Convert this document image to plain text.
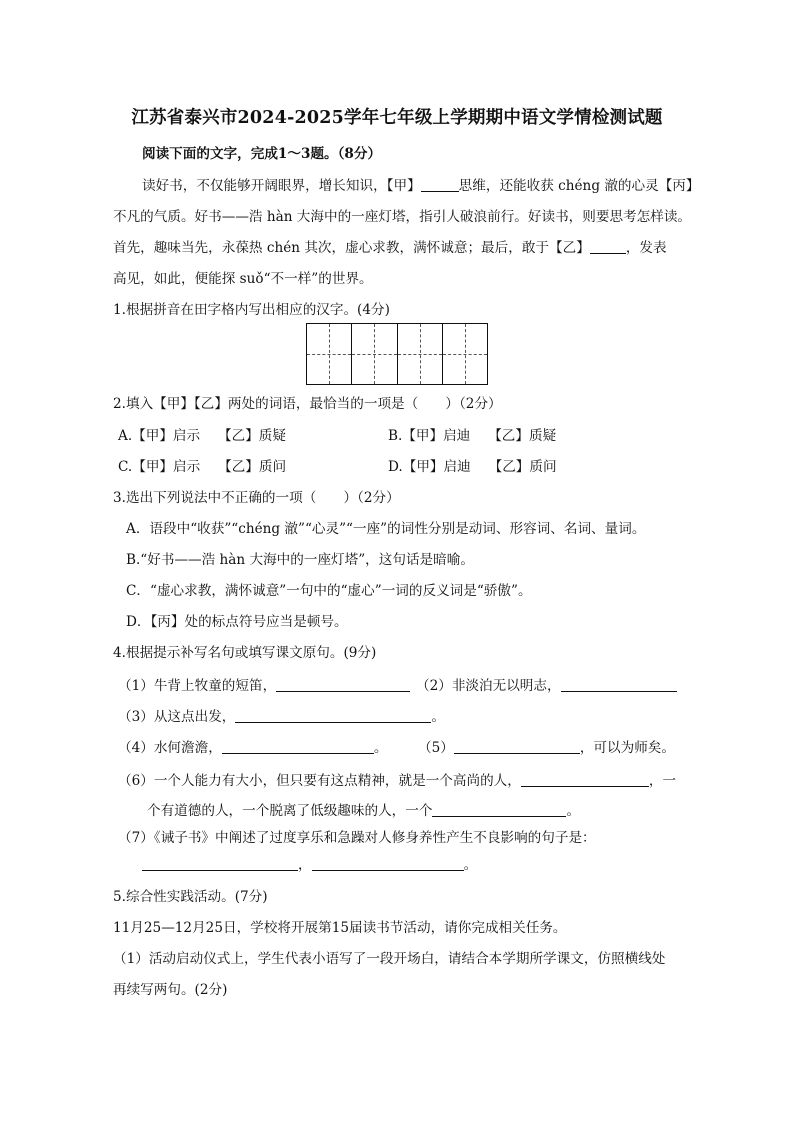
江苏省泰兴市2024-2025学年七年级上学期期中语文学情检测试题
阅读下面的文字，完成1～3题。（8分）
读好书，不仅能够开阔眼界，增长知识，【甲】	思维，还能收获 chéng 澈的心灵【丙】
不凡的气质。好书——浩 hàn 大海中的一座灯塔，指引人破浪前行。好读书，则要思考怎样读。
首先，趣味当先，永葆热 chén 其次，虚心求教，满怀诚意；最后，敢于【乙】	，发表
高见，如此，便能探 suǒ“不一样”的世界。
1.根据拼音在田字格内写出相应的汉字。(4分)
2.填入【甲】【乙】两处的词语，最恰当的一项是（　　）（2分）
A.【甲】启示　 【乙】质疑	B.【甲】启迪　 【乙】质疑
C.【甲】启示　 【乙】质问	D.【甲】启迪　 【乙】质问
3.选出下列说法中不正确的一项（　　）（2分）
A．语段中“收获”“chéng 澈”“心灵”“一座”的词性分别是动词、形容词、名词、量词。
B.“好书——浩 hàn 大海中的一座灯塔”，这句话是暗喻。
C．“虚心求教，满怀诚意”一句中的“虚心”一词的反义词是“骄傲”。
D．【丙】处的标点符号应当是顿号。
4.根据提示补写名句或填写课文原句。(9分)
（1）牛背上牧童的短笛，	（2）非淡泊无以明志，
（3）从这点出发，	。
（4）水何澹澹，	。 （5）	，可以为师矣。
（6）一个人能力有大小，但只要有这点精神，就是一个高尚的人，	，一
个有道德的人，一个脱离了低级趣味的人，一个	。
（7）《诫子书》中阐述了过度享乐和急躁对人修身养性产生不良影响的句子是：
，	。
5.综合性实践活动。(7分)
11月25—12月25日，学校将开展第15届读书节活动，请你完成相关任务。
（1）活动启动仪式上，学生代表小语写了一段开场白，请结合本学期所学课文，仿照横线处
再续写两句。(2分)
